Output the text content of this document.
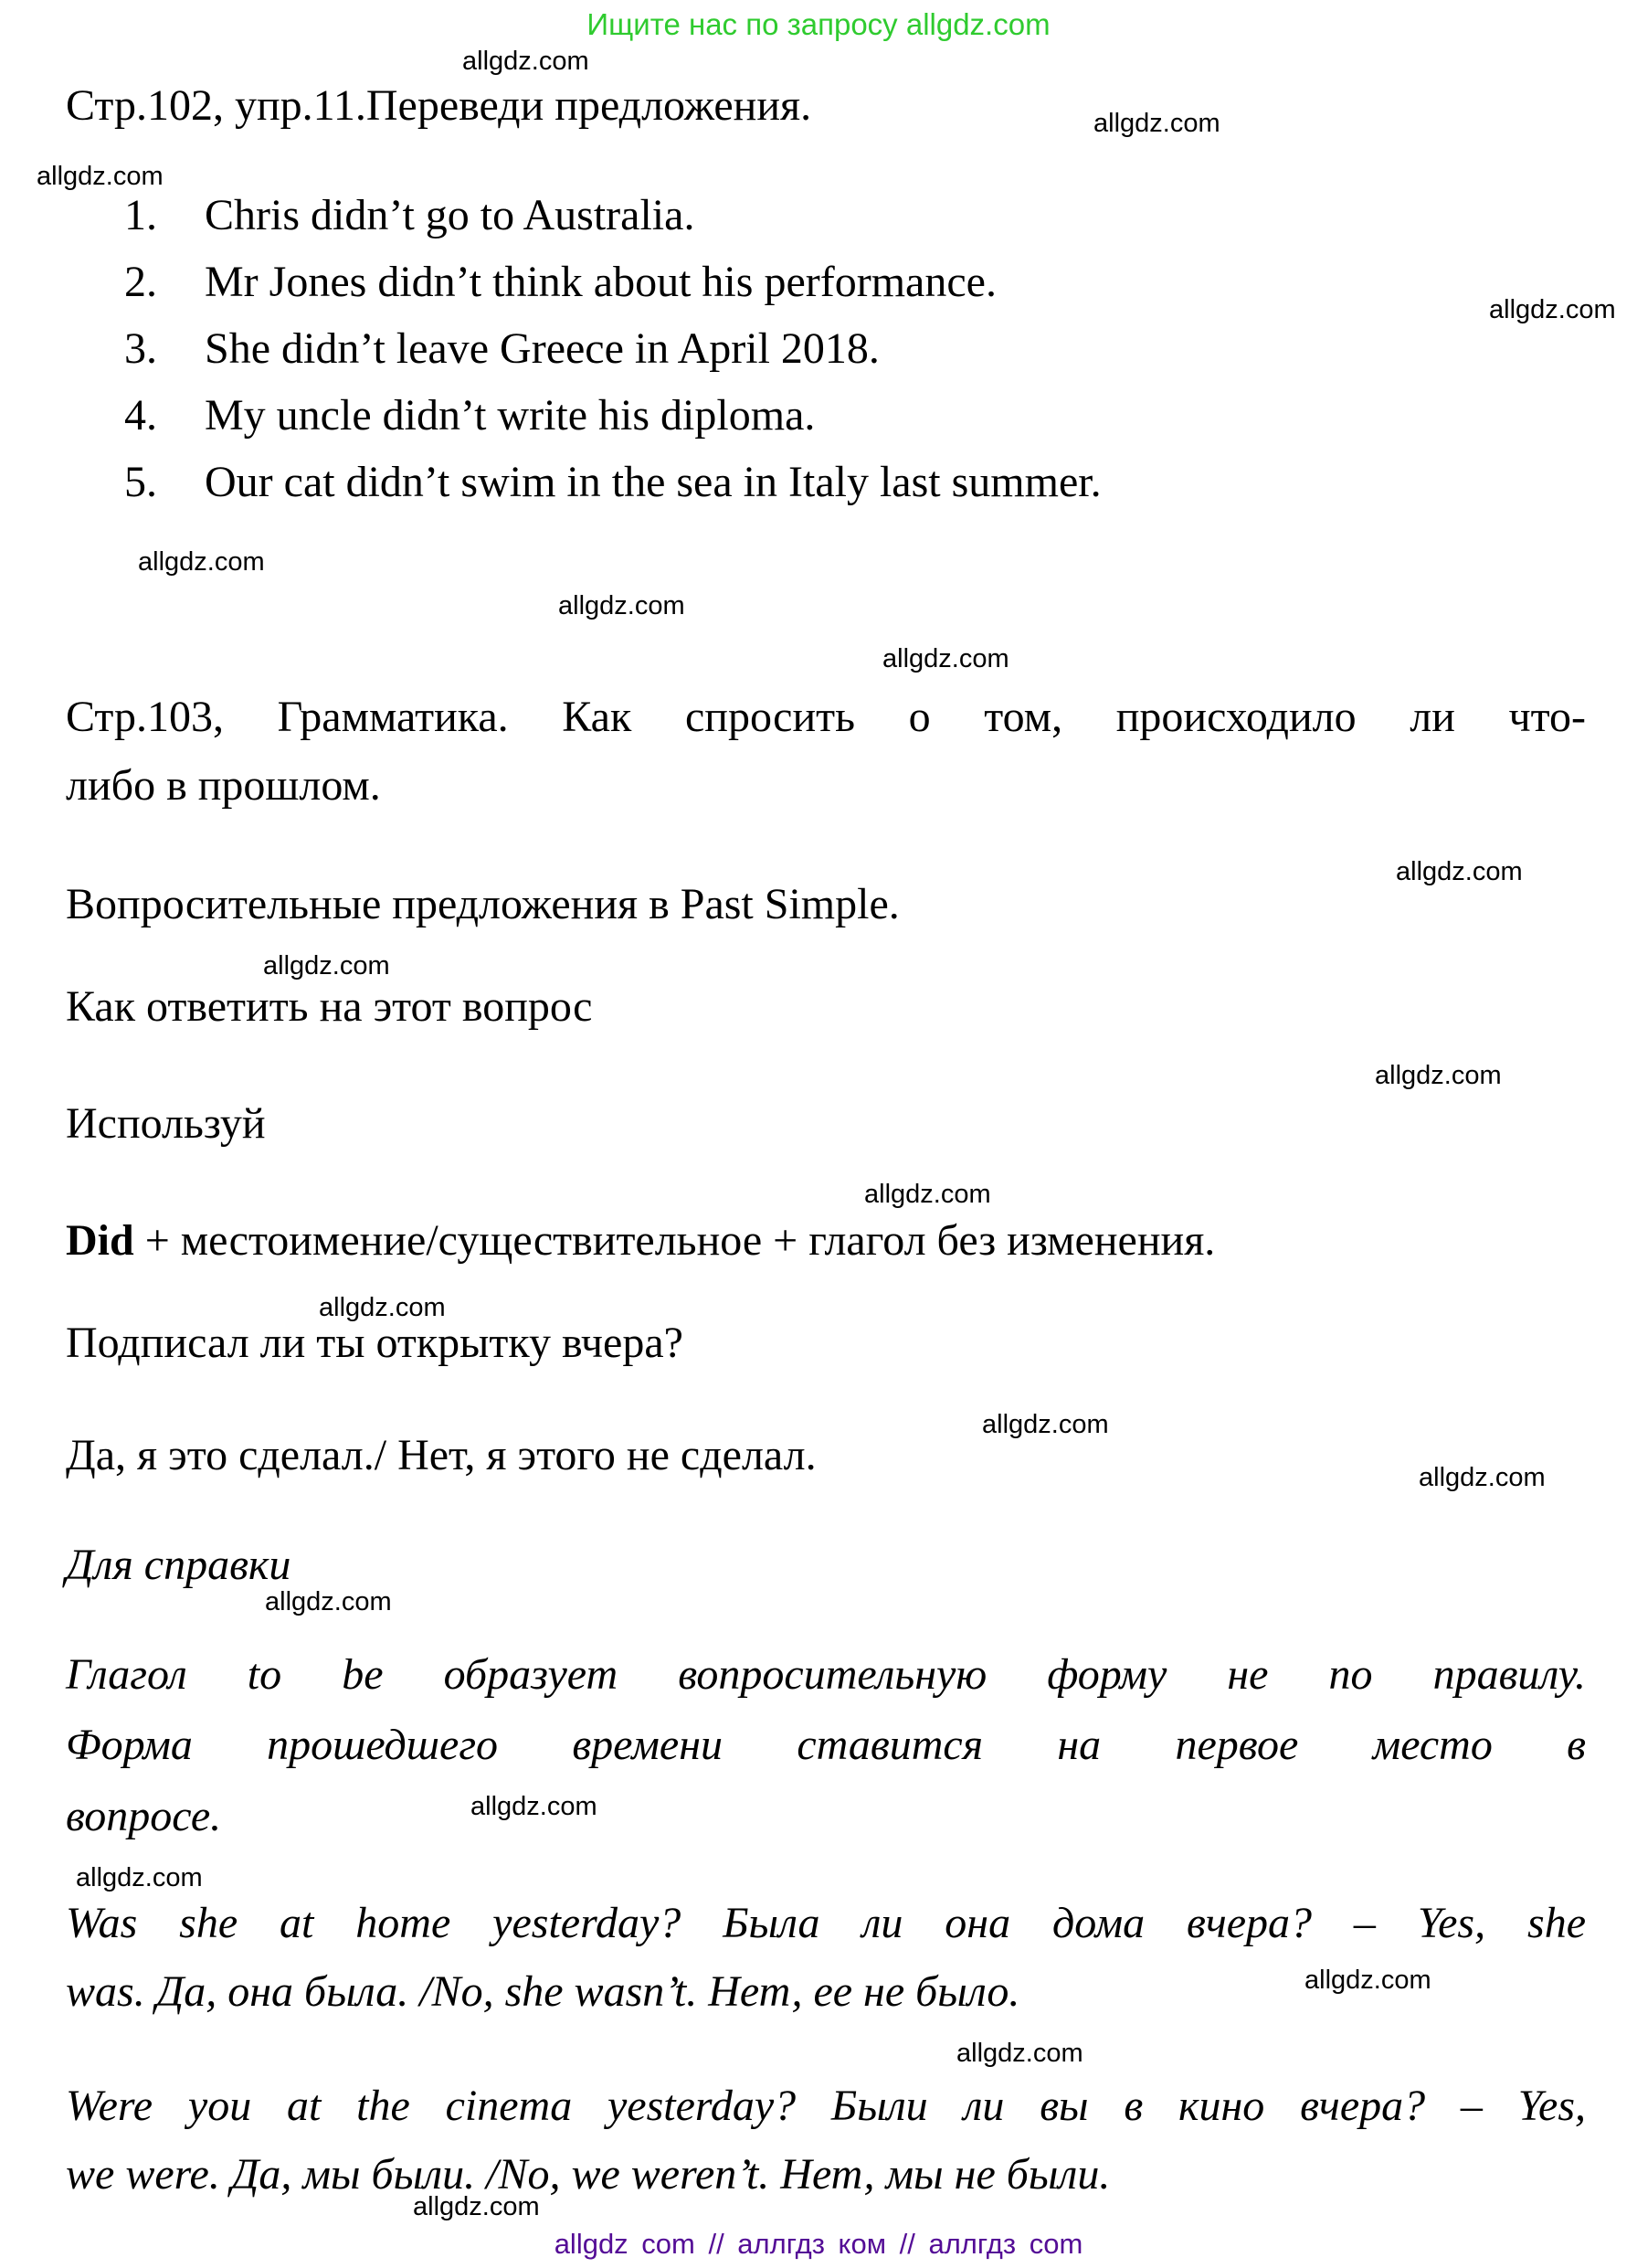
Ищите нас по запросу allgdz.com
allgdz.com
allgdz.com
allgdz.com
allgdz.com
allgdz.com
allgdz.com
allgdz.com
allgdz.com
allgdz.com
allgdz.com
allgdz.com
allgdz.com
allgdz.com
allgdz.com
allgdz.com
allgdz.com
allgdz.com
allgdz.com
allgdz.com
allgdz.com
Стр.102, упр.11.Переведи предложения.
1.	Chris didn’t go to Australia.
2.	Mr Jones didn’t think about his performance.
3.	She didn’t leave Greece in April 2018.
4.	My uncle didn’t write his diploma.
5.	Our cat didn’t swim in the sea in Italy last summer.
Стр.103, Грамматика. Как спросить о том, происходило ли что-
либо в прошлом.
Вопросительные предложения в Past Simple.
Как ответить на этот вопрос
Используй
Did + местоимение/существительное + глагол без изменения.
Подписал ли ты открытку вчера?
Да, я это сделал./ Нет, я этого не сделал.
Для справки
Глагол to be образует вопросительную форму не по правилу.
Форма прошедшего времени ставится на первое место в
вопросе.
Was she at home yesterday? Была ли она дома вчера? – Yes, she
was. Да, она была. /No, she wasn’t. Нет, ее не было.
Were you at the cinema yesterday? Были ли вы в кино вчера? – Yes,
we were. Да, мы были. /No, we weren’t. Нет, мы не были.
allgdz com // аллгдз ком // аллгдз com
